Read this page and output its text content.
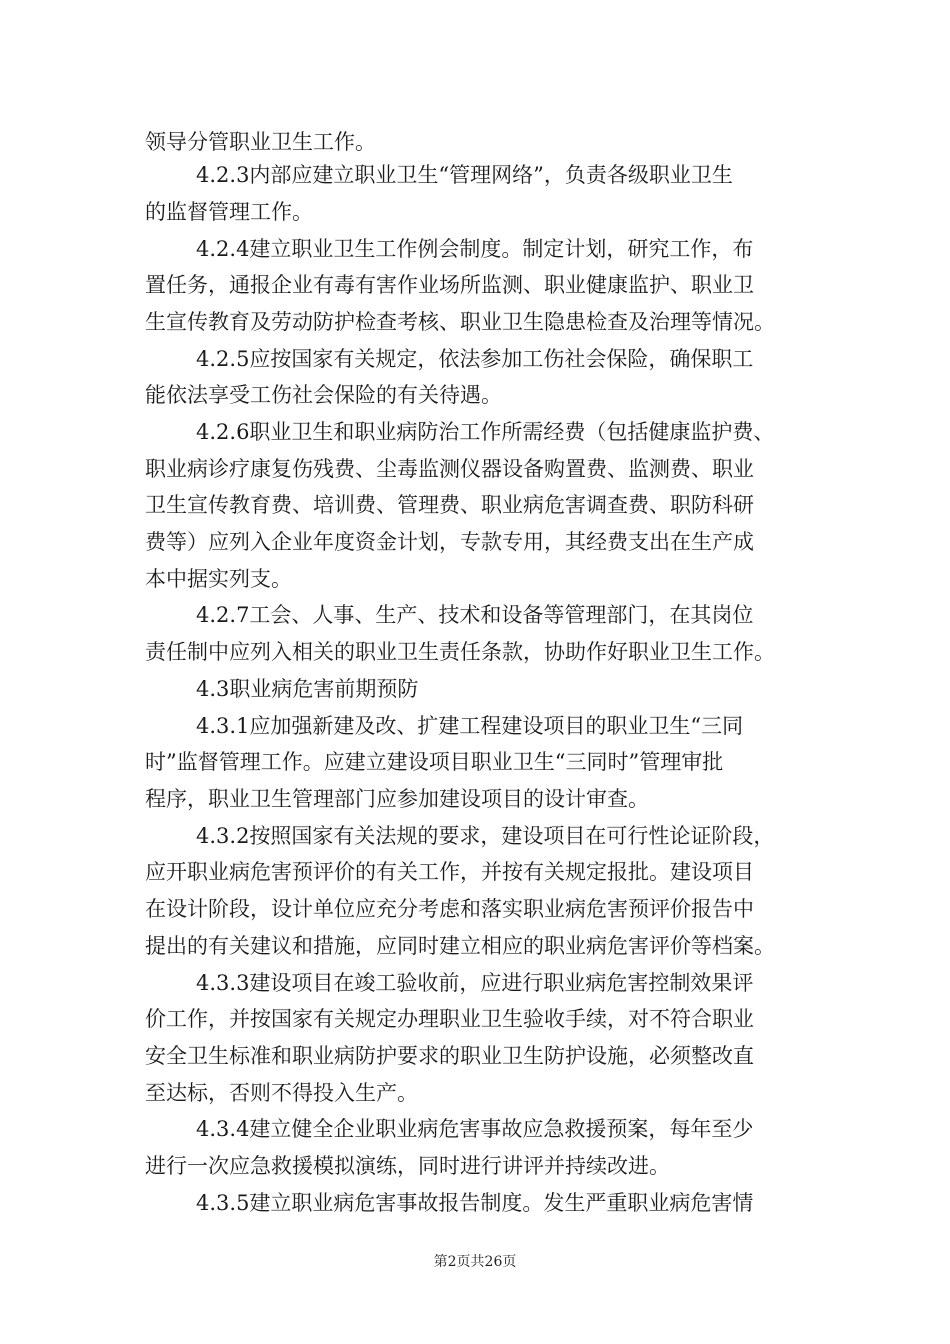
领导分管职业卫生工作。
4.2.3内部应建立职业卫生“管理网络”，负责各级职业卫生
的监督管理工作。
4.2.4建立职业卫生工作例会制度。制定计划，研究工作，布
置任务，通报企业有毒有害作业场所监测、职业健康监护、职业卫
生宣传教育及劳动防护检查考核、职业卫生隐患检查及治理等情况。
4.2.5应按国家有关规定，依法参加工伤社会保险，确保职工
能依法享受工伤社会保险的有关待遇。
4.2.6职业卫生和职业病防治工作所需经费（包括健康监护费、
职业病诊疗康复伤残费、尘毒监测仪器设备购置费、监测费、职业
卫生宣传教育费、培训费、管理费、职业病危害调查费、职防科研
费等）应列入企业年度资金计划，专款专用，其经费支出在生产成
本中据实列支。
4.2.7工会、人事、生产、技术和设备等管理部门，在其岗位
责任制中应列入相关的职业卫生责任条款，协助作好职业卫生工作。
4.3职业病危害前期预防
4.3.1应加强新建及改、扩建工程建设项目的职业卫生“三同
时”监督管理工作。应建立建设项目职业卫生“三同时”管理审批
程序，职业卫生管理部门应参加建设项目的设计审查。
4.3.2按照国家有关法规的要求，建设项目在可行性论证阶段，
应开职业病危害预评价的有关工作，并按有关规定报批。建设项目
在设计阶段，设计单位应充分考虑和落实职业病危害预评价报告中
提出的有关建议和措施，应同时建立相应的职业病危害评价等档案。
4.3.3建设项目在竣工验收前，应进行职业病危害控制效果评
价工作，并按国家有关规定办理职业卫生验收手续，对不符合职业
安全卫生标准和职业病防护要求的职业卫生防护设施，必须整改直
至达标，否则不得投入生产。
4.3.4建立健全企业职业病危害事故应急救援预案，每年至少
进行一次应急救援模拟演练，同时进行讲评并持续改进。
4.3.5建立职业病危害事故报告制度。发生严重职业病危害情
第2页共26页
